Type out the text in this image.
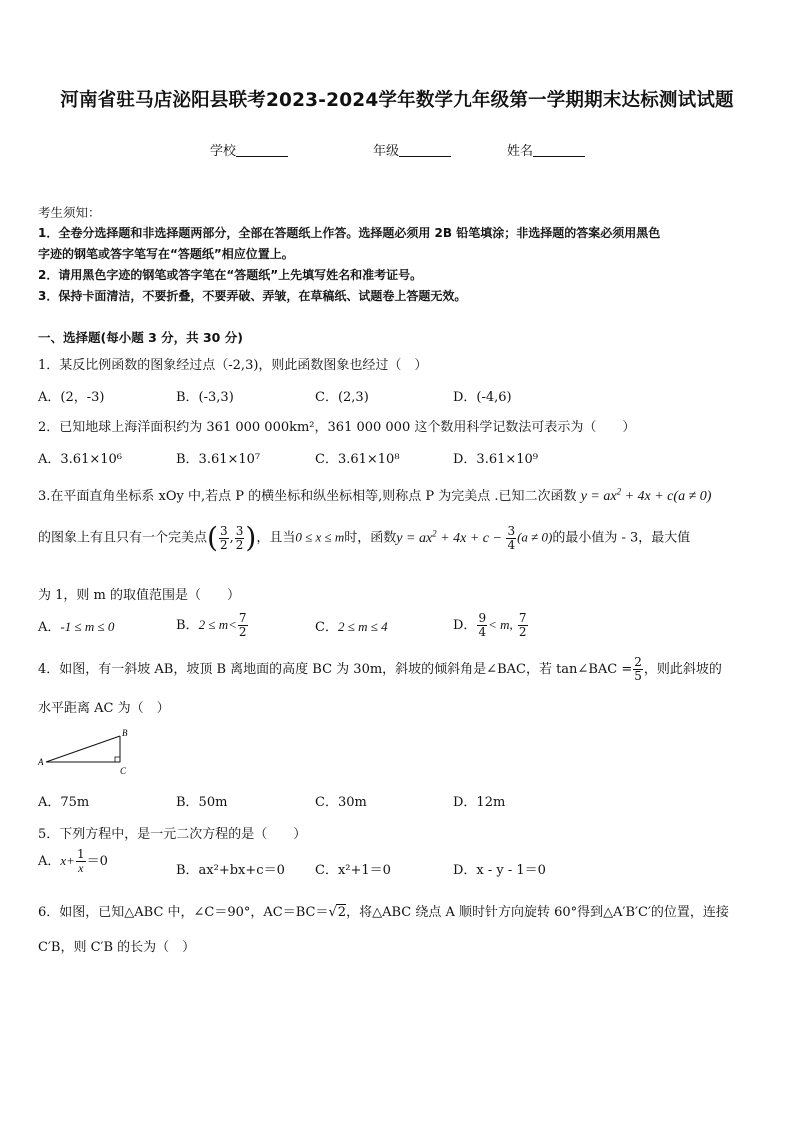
河南省驻马店泌阳县联考2023-2024学年数学九年级第一学期期末达标测试试题
学校	年级	姓名
考生须知：
1．全卷分选择题和非选择题两部分，全部在答题纸上作答。选择题必须用 2B 铅笔填涂；非选择题的答案必须用黑色
字迹的钢笔或答字笔写在“答题纸”相应位置上。
2．请用黑色字迹的钢笔或答字笔在“答题纸”上先填写姓名和准考证号。
3．保持卡面清洁，不要折叠，不要弄破、弄皱，在草稿纸、试题卷上答题无效。
一、选择题(每小题 3 分，共 30 分)
1．某反比例函数的图象经过点（-2,3)，则此函数图象也经过（　）
A．(2，-3)	B．(-3,3)	C．(2,3)	D．(-4,6)
2．已知地球上海洋面积约为 361 000 000km²，361 000 000 这个数用科学记数法可表示为（　　）
A．3.61×10⁶	B．3.61×10⁷	C．3.61×10⁸	D．3.61×10⁹
3.在平面直角坐标系 xOy 中,若点 P 的横坐标和纵坐标相等,则称点 P 为完美点 .已知二次函数 $y = ax^2 + 4x + c(a \ne 0)$
的图象上有且只有一个完美点( $\frac{3}{2}$ , $\frac{3}{2}$ )，且当0 ≤ x ≤ m时，函数$y = ax^2 + 4x + c - \frac{3}{4} (a \ne 0)$的最小值为 - 3，最大值
为 1，则 m 的取值范围是（　　）
A．-1 ≤ m ≤ 0	B．$2 \le m< \frac{7}{2}$	C．2 ≤ m ≤ 4	D． $\frac{9}{4} < m$, $\frac{7}{2}$
4．如图，有一斜坡 AB，坡顶 B 离地面的高度 BC 为 30m，斜坡的倾斜角是∠BAC，若 tan∠BAC = $\frac{2}{5}$ ，则此斜坡的
水平距离 AC 为（　）
A
B
C
A．75m	B．50m	C．30m	D．12m
5．下列方程中，是一元二次方程的是（　　）
A．$x+ \frac{1}{x} =0$
B．ax²+bx+c＝0 C．x²+1＝0	D．x - y - 1＝0
6．如图，已知△ABC 中，∠C＝90°，AC＝BC＝√2，将△ABC 绕点 A 顺时针方向旋转 60°得到△A′B′C′的位置，连接
C′B，则 C′B 的长为（　）
